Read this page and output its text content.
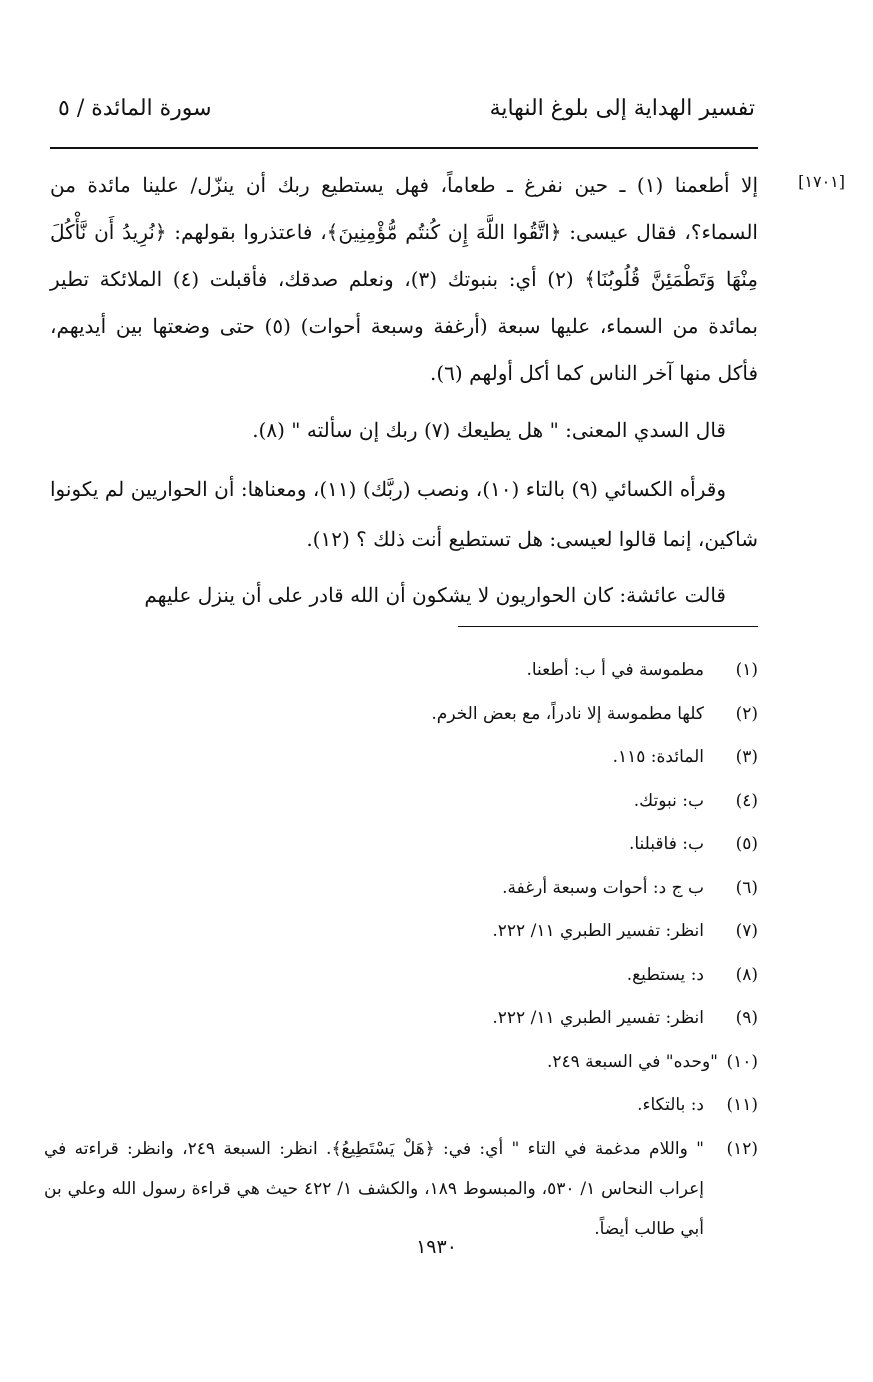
تفسير الهداية إلى بلوغ النهاية
سورة المائدة / ٥
[١٧٠١]

إلا أطعمنا (١) ـ حين نفرغ ـ طعاماً، فهل يستطيع ربك أن ينزّل/ علينا مائدة من السماء؟، فقال عيسى: ﴿اتَّقُوا اللَّهَ إِن كُنتُم مُّؤْمِنِينَ﴾، فاعتذروا بقولهم: ﴿نُرِيدُ أَن نَّأْكُلَ مِنْهَا وَتَطْمَئِنَّ قُلُوبُنَا﴾ (٢) أي: بنبوتك (٣)، ونعلم صدقك، فأقبلت (٤) الملائكة تطير بمائدة من السماء، عليها سبعة (أرغفة وسبعة أحوات) (٥) حتى وضعتها بين أيديهم، فأكل منها آخر الناس كما أكل أولهم (٦).

قال السدي المعنى: " هل يطيعك (٧) ربك إن سألته " (٨).

وقرأه الكسائي (٩) بالتاء (١٠)، ونصب (ربَّك) (١١)، ومعناها: أن الحواريين لم يكونوا شاكين، إنما قالوا لعيسى: هل تستطيع أنت ذلك ؟ (١٢).

قالت عائشة: كان الحواريون لا يشكون أن الله قادر على أن ينزل عليهم

(١)
مطموسة في أ ب: أطعنا.
(٢)
كلها مطموسة إلا نادراً، مع بعض الخرم.
(٣)
المائدة: ١١٥.
(٤)
ب: نبوتك.
(٥)
ب: فاقبلنا.
(٦)
ب ج د: أحوات وسبعة أرغفة.
(٧)
انظر: تفسير الطبري ١١/ ٢٢٢.
(٨)
د: يستطيع.
(٩)
انظر: تفسير الطبري ١١/ ٢٢٢.
(١٠)
"وحده" في السبعة ٢٤٩.
(١١)
د: بالتكاء.
(١٢)
" واللام مدغمة في التاء " أي: في: ﴿هَلْ يَسْتَطِيعُ﴾. انظر: السبعة ٢٤٩، وانظر: قراءته في إعراب النحاس ١/ ٥٣٠، والمبسوط ١٨٩، والكشف ١/ ٤٢٢ حيث هي قراءة رسول الله وعلي بن أبي طالب أيضاً.
١٩٣٠
